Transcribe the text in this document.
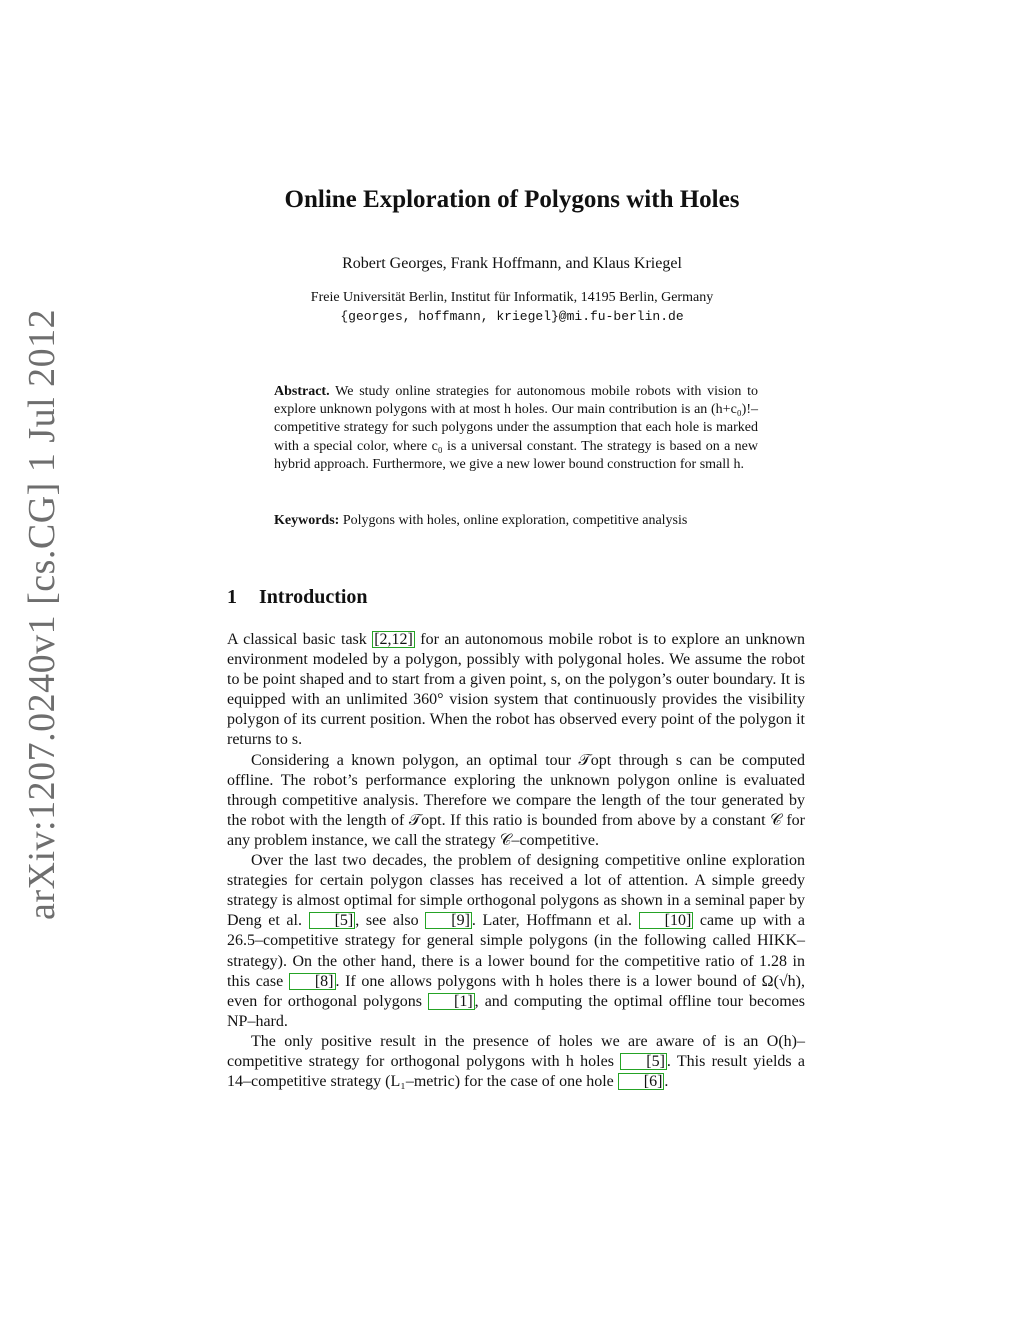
arXiv:1207.0240v1 [cs.CG] 1 Jul 2012
Online Exploration of Polygons with Holes
Robert Georges, Frank Hoffmann, and Klaus Kriegel
Freie Universität Berlin, Institut für Informatik, 14195 Berlin, Germany
{georges, hoffmann, kriegel}@mi.fu-berlin.de
Abstract. We study online strategies for autonomous mobile robots with vision to explore unknown polygons with at most h holes. Our main contribution is an (h+c₀)!–competitive strategy for such polygons under the assumption that each hole is marked with a special color, where c₀ is a universal constant. The strategy is based on a new hybrid approach. Furthermore, we give a new lower bound construction for small h.
Keywords: Polygons with holes, online exploration, competitive analysis
1 Introduction

A classical basic task [2,12] for an autonomous mobile robot is to explore an unknown environment modeled by a polygon, possibly with polygonal holes. We assume the robot to be point shaped and to start from a given point, s, on the polygon’s outer boundary. It is equipped with an unlimited 360° vision system that continuously provides the visibility polygon of its current position. When the robot has observed every point of the polygon it returns to s.

Considering a known polygon, an optimal tour 𝒯opt through s can be computed offline. The robot’s performance exploring the unknown polygon online is evaluated through competitive analysis. Therefore we compare the length of the tour generated by the robot with the length of 𝒯opt. If this ratio is bounded from above by a constant 𝒞 for any problem instance, we call the strategy 𝒞–competitive.

Over the last two decades, the problem of designing competitive online exploration strategies for certain polygon classes has received a lot of attention. A simple greedy strategy is almost optimal for simple orthogonal polygons as shown in a seminal paper by Deng et al. [5] , see also [9] . Later, Hoffmann et al. [10] came up with a 26.5–competitive strategy for general simple polygons (in the following called HIKK–strategy). On the other hand, there is a lower bound for the competitive ratio of 1.28 in this case [8] . If one allows polygons with h holes there is a lower bound of Ω(√h), even for orthogonal polygons [1] , and computing the optimal offline tour becomes NP–hard.

The only positive result in the presence of holes we are aware of is an O(h)–competitive strategy for orthogonal polygons with h holes [5] . This result yields a 14–competitive strategy (L₁–metric) for the case of one hole [6] .
